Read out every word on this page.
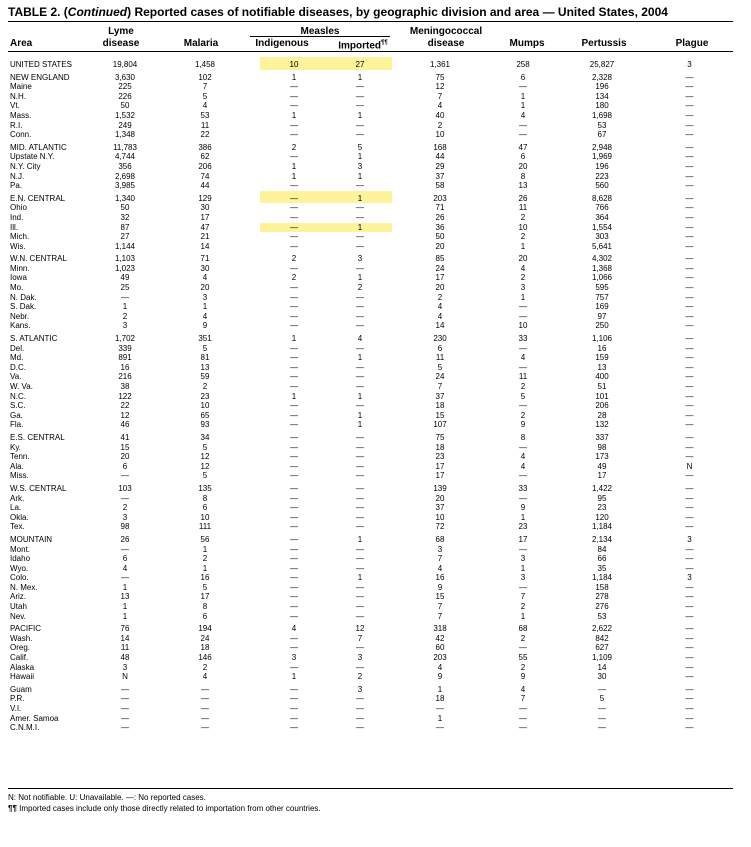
TABLE 2. (Continued) Reported cases of notifiable diseases, by geographic division and area — United States, 2004
Lyme
disease
Area	Malaria
Measles
Indigenous	Imported¶¶
Meningococcal
disease	Mumps	Pertussis	Plague
UNITED STATES	19,804	1,458	10	27	1,361	258	25,827	3
NEW ENGLAND	3,630	102	1	1	75	6	2,328	—
Maine	225	7	—	—	12	—	196	—
N.H.	226	5	—	—	7	1	134	—
Vt.	50	4	—	—	4	1	180	—
Mass.	1,532	53	1	1	40	4	1,698	—
R.I.	249	11	—	—	2	—	53	—
Conn.	1,348	22	—	—	10	—	67	—
MID. ATLANTIC	11,783	386	2	5	168	47	2,948	—
Upstate N.Y.	4,744	62	—	1	44	6	1,969	—
N.Y. City	356	206	1	3	29	20	196	—
N.J.	2,698	74	1	1	37	8	223	—
Pa.	3,985	44	—	—	58	13	560	—
E.N. CENTRAL	1,340	129	—	1	203	26	8,628	—
Ohio	50	30	—	—	71	11	766	—
Ind.	32	17	—	—	26	2	364	—
Ill.	87	47	—	1	36	10	1,554	—
Mich.	27	21	—	—	50	2	303	—
Wis.	1,144	14	—	—	20	1	5,641	—
W.N. CENTRAL	1,103	71	2	3	85	20	4,302	—
Minn.	1,023	30	—	—	24	4	1,368	—
Iowa	49	4	2	1	17	2	1,066	—
Mo.	25	20	—	2	20	3	595	—
N. Dak.	—	3	—	—	2	1	757	—
S. Dak.	1	1	—	—	4	—	169	—
Nebr.	2	4	—	—	4	—	97	—
Kans.	3	9	—	—	14	10	250	—
S. ATLANTIC	1,702	351	1	4	230	33	1,106	—
Del.	339	5	—	—	6	—	16	—
Md.	891	81	—	1	11	4	159	—
D.C.	16	13	—	—	5	—	13	—
Va.	216	59	—	—	24	11	400	—
W. Va.	38	2	—	—	7	2	51	—
N.C.	122	23	1	1	37	5	101	—
S.C.	22	10	—	—	18	—	206	—
Ga.	12	65	—	1	15	2	28	—
Fla.	46	93	—	1	107	9	132	—
E.S. CENTRAL	41	34	—	—	75	8	337	—
Ky.	15	5	—	—	18	—	98	—
Tenn.	20	12	—	—	23	4	173	—
Ala.	6	12	—	—	17	4	49	N
Miss.	—	5	—	—	17	—	17	—
W.S. CENTRAL	103	135	—	—	139	33	1,422	—
Ark.	—	8	—	—	20	—	95	—
La.	2	6	—	—	37	9	23	—
Okla.	3	10	—	—	10	1	120	—
Tex.	98	111	—	—	72	23	1,184	—
MOUNTAIN	26	56	—	1	68	17	2,134	3
Mont.	—	1	—	—	3	—	84	—
Idaho	6	2	—	—	7	3	66	—
Wyo.	4	1	—	—	4	1	35	—
Colo.	—	16	—	1	16	3	1,184	3
N. Mex.	1	5	—	—	9	—	158	—
Ariz.	13	17	—	—	15	7	278	—
Utah	1	8	—	—	7	2	276	—
Nev.	1	6	—	—	7	1	53	—
PACIFIC	76	194	4	12	318	68	2,622	—
Wash.	14	24	—	7	42	2	842	—
Oreg.	11	18	—	—	60	—	627	—
Calif.	48	146	3	3	203	55	1,109	—
Alaska	3	2	—	—	4	2	14	—
Hawaii	N	4	1	2	9	9	30	—
Guam	—	—	—	3	1	4	—	—
P.R.	—	—	—	—	18	7	5	—
V.I.	—	—	—	—	—	—	—	—
Amer. Samoa	—	—	—	—	1	—	—	—
C.N.M.I.	—	—	—	—	—	—	—	—
N: Not notifiable. U: Unavailable. —: No reported cases.
¶¶ Imported cases include only those directly related to importation from other countries.
